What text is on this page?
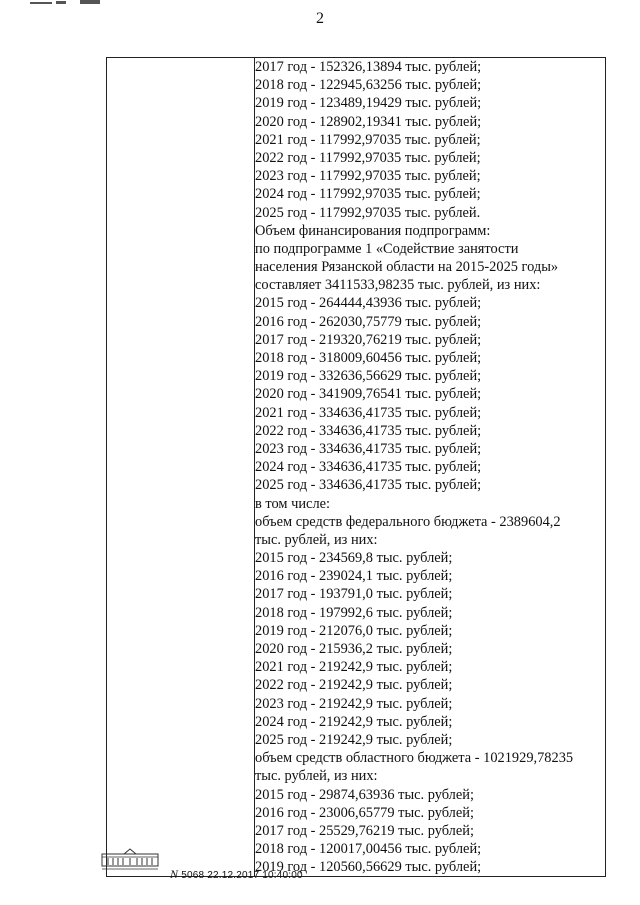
2

2017 год - 152326,13894 тыс. рублей;
2018 год - 122945,63256 тыс. рублей;
2019 год - 123489,19429 тыс. рублей;
2020 год - 128902,19341 тыс. рублей;
2021 год - 117992,97035 тыс. рублей;
2022 год - 117992,97035 тыс. рублей;
2023 год - 117992,97035 тыс. рублей;
2024 год - 117992,97035 тыс. рублей;
2025 год - 117992,97035 тыс. рублей.
Объем финансирования подпрограмм:
по подпрограмме 1 «Содействие занятости
населения Рязанской области на 2015-2025 годы»
составляет 3411533,98235 тыс. рублей, из них:
2015 год - 264444,43936 тыс. рублей;
2016 год - 262030,75779 тыс. рублей;
2017 год - 219320,76219 тыс. рублей;
2018 год - 318009,60456 тыс. рублей;
2019 год - 332636,56629 тыс. рублей;
2020 год - 341909,76541 тыс. рублей;
2021 год - 334636,41735 тыс. рублей;
2022 год - 334636,41735 тыс. рублей;
2023 год - 334636,41735 тыс. рублей;
2024 год - 334636,41735 тыс. рублей;
2025 год - 334636,41735 тыс. рублей;
в том числе:
объем средств федерального бюджета - 2389604,2
тыс. рублей, из них:
2015 год - 234569,8 тыс. рублей;
2016 год - 239024,1 тыс. рублей;
2017 год - 193791,0 тыс. рублей;
2018 год - 197992,6 тыс. рублей;
2019 год - 212076,0 тыс. рублей;
2020 год - 215936,2 тыс. рублей;
2021 год - 219242,9 тыс. рублей;
2022 год - 219242,9 тыс. рублей;
2023 год - 219242,9 тыс. рублей;
2024 год - 219242,9 тыс. рублей;
2025 год - 219242,9 тыс. рублей;
объем средств областного бюджета - 1021929,78235
тыс. рублей, из них:
2015 год - 29874,63936 тыс. рублей;
2016 год - 23006,65779 тыс. рублей;
2017 год - 25529,76219 тыс. рублей;
2018 год - 120017,00456 тыс. рублей;
2019 год - 120560,56629 тыс. рублей;
N 5068 22.12.2017 10:40:00
